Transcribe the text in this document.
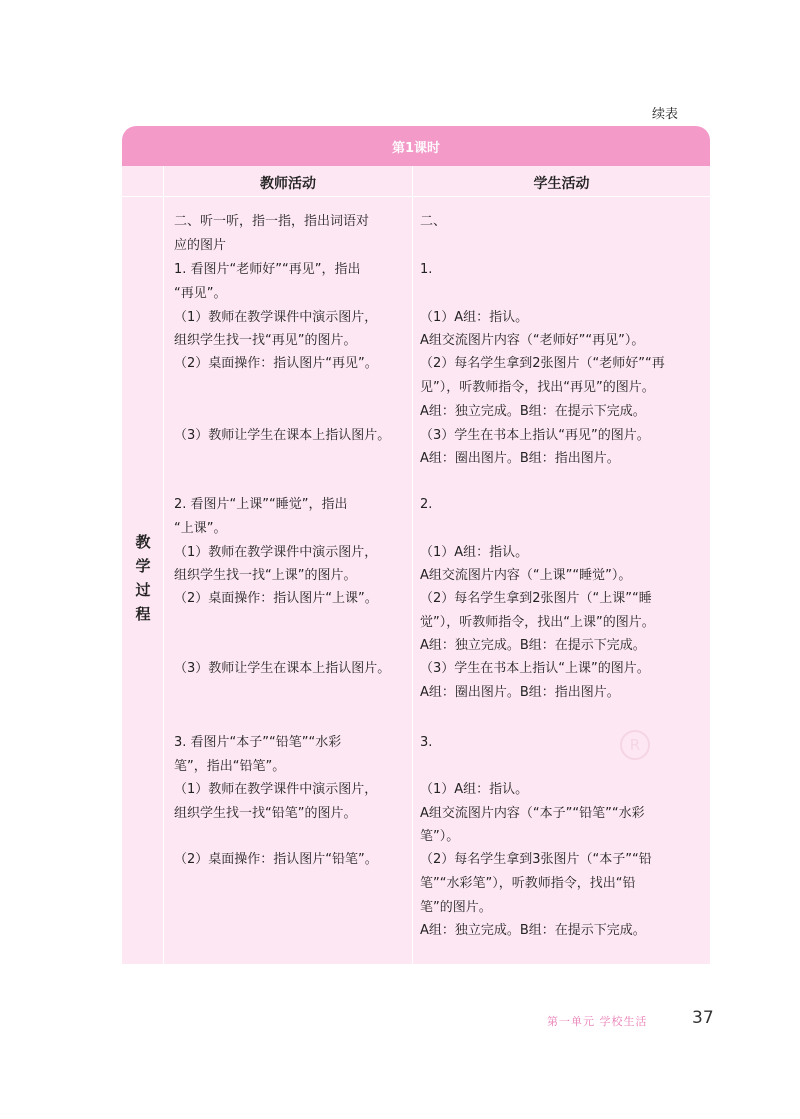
续表
第1课时
教师活动	学生活动
教
学
过
程
二、听一听，指一指，指出词语对
应的图片
1. 看图片“老师好”“再见”，指出
“再见”。
（1）教师在教学课件中演示图片，
组织学生找一找“再见”的图片。
（2）桌面操作：指认图片“再见”。
（3）教师让学生在课本上指认图片。
2. 看图片“上课”“睡觉”，指出
“上课”。
（1）教师在教学课件中演示图片，
组织学生找一找“上课”的图片。
（2）桌面操作：指认图片“上课”。
（3）教师让学生在课本上指认图片。
3. 看图片“本子”“铅笔”“水彩
笔”，指出“铅笔”。
（1）教师在教学课件中演示图片，
组织学生找一找“铅笔”的图片。
（2）桌面操作：指认图片“铅笔”。
二、
1.
（1）A组：指认。
A组交流图片内容（“老师好”“再见”）。
（2）每名学生拿到2张图片（“老师好”“再
见”），听教师指令，找出“再见”的图片。
A组：独立完成。B组：在提示下完成。
（3）学生在书本上指认“再见”的图片。
A组：圈出图片。B组：指出图片。
2.
（1）A组：指认。
A组交流图片内容（“上课”“睡觉”）。
（2）每名学生拿到2张图片（“上课”“睡
觉”），听教师指令，找出“上课”的图片。
A组：独立完成。B组：在提示下完成。
（3）学生在书本上指认“上课”的图片。
A组：圈出图片。B组：指出图片。
3.
（1）A组：指认。
A组交流图片内容（“本子”“铅笔”“水彩
笔”）。
（2）每名学生拿到3张图片（“本子”“铅
笔”“水彩笔”），听教师指令，找出“铅
笔”的图片。
A组：独立完成。B组：在提示下完成。
R
第一单元 学校生活	37
